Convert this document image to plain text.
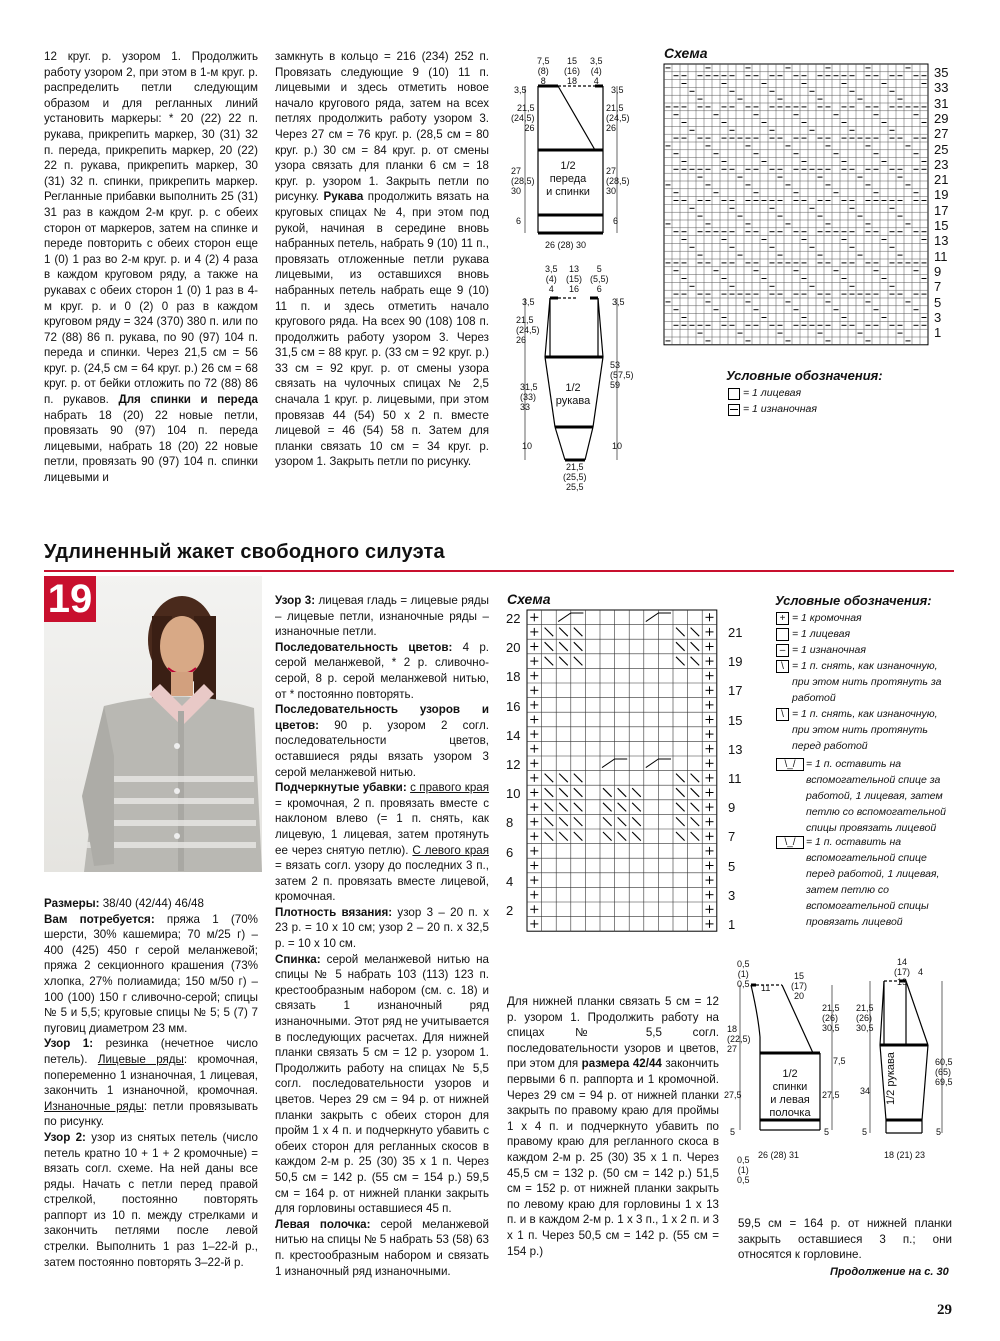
12 круг. р. узором 1. Продолжить работу узором 2, при этом в 1-м круг. р. распределить петли следующим образом и для регланных линий установить маркеры: * 20 (22) 22 п. рукава, прикрепить маркер, 30 (31) 32 п. переда, прикрепить маркер, 20 (22) 22 п. рукава, прикрепить маркер, 30 (31) 32 п. спинки, прикрепить маркер. Регланные прибавки выполнить 25 (31) 31 раз в каждом 2-м круг. р. с обеих сторон от маркеров, затем на спинке и переде повторить с обеих сторон еще 1 (0) 1 раз во 2-м круг. р. и 4 (2) 4 раза в каждом круговом ряду, а также на рукавах с обеих сторон 1 (0) 1 раз в 4-м круг. р. и 0 (2) 0 раз в каждом круговом ряду = 324 (370) 380 п. или по 72 (88) 86 п. рукава, по 90 (97) 104 п. переда и спинки. Через 21,5 см = 56 круг. р. (24,5 см = 64 круг. р.) 26 см = 68 круг. р. от бейки отложить по 72 (88) 86 п. рукавов. Для спинки и переда набрать 18 (20) 22 новые петли, провязать 90 (97) 104 п. переда лицевыми, набрать 18 (20) 22 новые петли, провязать 90 (97) 104 п. спинки лицевыми и
замкнуть в кольцо = 216 (234) 252 п. Провязать следующие 9 (10) 11 п. лицевыми и здесь отметить новое начало кругового ряда, затем на всех петлях продолжить работу узором 3. Через 27 см = 76 круг. р. (28,5 см = 80 круг. р.) 30 см = 84 круг. р. от смены узора связать для планки 6 см = 18 круг. р. узором 1. Закрыть петли по рисунку. Рукава продолжить вязать на круговых спицах № 4, при этом под рукой, начиная в середине вновь набранных петель, набрать 9 (10) 11 п., провязать отложенные петли рукава лицевыми, из оставшихся вновь набранных петель набрать еще 9 (10) 11 п. и здесь отметить начало кругового ряда. На всех 90 (108) 108 п. продолжить работу узором 3. Через 31,5 см = 88 круг. р. (33 см = 92 круг. р.) 33 см = 92 круг. р. от смены узора связать на чулочных спицах № 2,5 сначала 1 круг. р. лицевыми, при этом провязав 44 (54) 50 х 2 п. вместе лицевой = 46 (54) 58 п. Затем для планки связать 10 см = 34 круг. р. узором 1. Закрыть петли по рисунку.
7,5
(8)
8
15
(16)
18
3,5
(4)
4
3,5	3,5
21,5
(24,5)
26
27
(28,5)
30
6
21,5
(24,5)
26
27
(28,5)
30
6
1/2
переда
и спинки
26 (28) 30
3,5
(4)
4
13
(15)
16
5
(5,5)
6
3,5	3,5
21,5
(24,5)
26
31,5
(33)
33
10
53
(57,5)
59
10
1/2
рукава
21,5
(25,5)
25,5
Схема
35
33
31
29
27
25
23
21
19
17
15
13
11
9
7
5
3
1
Условные обозначения:
= 1 лицевая
= 1 изнаночная
Удлиненный жакет свободного силуэта
19
Размеры: 38/40 (42/44) 46/48
Вам потребуется: пряжа 1 (70% шерсти, 30% кашемира; 70 м/25 г) – 400 (425) 450 г серой меланжевой; пряжа 2 секционного крашения (73% хлопка, 27% полиамида; 150 м/50 г) – 100 (100) 150 г сливочно-серой; спицы № 5 и 5,5; круговые спицы № 5; 5 (7) 7 пуговиц диаметром 23 мм.
Узор 1: резинка (нечетное число петель). Лицевые ряды: кромочная, попеременно 1 изнаночная, 1 лицевая, закончить 1 изнаночной, кромочная. Изнаночные ряды: петли провязывать по рисунку.
Узор 2: узор из снятых петель (число петель кратно 10 + 1 + 2 кромочные) = вязать согл. схеме. На ней даны все ряды. Начать с петли перед правой стрелкой, постоянно повторять раппорт из 10 п. между стрелками и закончить петлями после левой стрелки. Выполнить 1 раз 1–22-й р., затем постоянно повторять 3–22-й р.
Узор 3: лицевая гладь = лицевые ряды – лицевые петли, изнаночные ряды – изнаночные петли.
Последовательность цветов: 4 р. серой меланжевой, * 2 р. сливочно-серой, 8 р. серой меланжевой нитью, от * постоянно повторять.
Последовательность узоров и цветов: 90 р. узором 2 согл. последовательности цветов, оставшиеся ряды вязать узором 3 серой меланжевой нитью.
Подчеркнутые убавки: с правого края = кромочная, 2 п. провязать вместе с наклоном влево (= 1 п. снять, как лицевую, 1 лицевая, затем протянуть ее через снятую петлю). С левого края = вязать согл. узору до последних 3 п., затем 2 п. провязать вместе лицевой, кромочная.
Плотность вязания: узор 3 – 20 п. х 23 р. = 10 х 10 см; узор 2 – 20 п. х 32,5 р. = 10 х 10 см.
Спинка: серой меланжевой нитью на спицы № 5 набрать 103 (113) 123 п. крестообразным набором (см. с. 18) и связать 1 изнаночный ряд изнаночными. Этот ряд не учитывается в последующих расчетах. Для нижней планки связать 5 см = 12 р. узором 1. Продолжить работу на спицах № 5,5 согл. последовательности узоров и цветов. Через 29 см = 94 р. от нижней планки закрыть с обеих сторон для пройм 1 х 4 п. и подчеркнуто убавить с обеих сторон для регланных скосов в каждом 2-м р. 25 (30) 35 х 1 п. Через 50,5 см = 142 р. (55 см = 154 р.) 59,5 см = 164 р. от нижней планки закрыть для горловины оставшиеся 45 п.
Левая полочка: серой меланжевой нитью на спицы № 5 набрать 53 (58) 63 п. крестообразным набором и связать 1 изнаночный ряд изнаночными.
Схема
22
20
18
16
14
12
10
8
6
4
2
21
19
17
15
13
11
9
7
5
3
1
Условные обозначения:
+ = 1 кромочная
= 1 лицевая
– = 1 изнаночная
\ = 1 п. снять, как изнаночную, при этом нить протянуть за работой
\ = 1 п. снять, как изнаночную, при этом нить протянуть перед работой
\_/ = 1 п. оставить на вспомогательной спице за работой, 1 лицевая, затем петлю со вспомогательной спицы провязать лицевой
\_/ = 1 п. оставить на вспомогательной спице перед работой, 1 лицевая, затем петлю со вспомогательной спицы провязать лицевой
Для нижней планки связать 5 см = 12 р. узором 1. Продолжить работу на спицах № 5,5 согл. последовательности узоров и цветов, при этом для размера 42/44 закончить первыми 6 п. раппорта и 1 кромочной. Через 29 см = 94 р. от нижней планки закрыть по правому краю для проймы 1 х 4 п. и подчеркнуто убавить по правому краю для регланного скоса в каждом 2-м р. 25 (30) 35 х 1 п. Через 45,5 см = 132 р. (50 см = 142 р.) 51,5 см = 152 р. от нижней планки закрыть по левому краю для горловины 1 х 13 п. и в каждом 2-м р. 1 х 3 п., 1 х 2 п. и 3 х 1 п. Через 50,5 см = 142 р. (55 см = 154 р.)
59,5 см = 164 р. от нижней планки закрыть оставшиеся 3 п.; они относятся к горловине.
Продолжение на с. 30
0,5
(1)
0,5 11
15
(17)
20
18
(22,5)
27
27,5
5
21,5
(26)
30,5
7,5
27,5
5
1/2
спинки
и левая
полочка
26 (28) 31
0,5
(1)
0,5
14
(17)
19
4
21,5
(26)
30,5
34
5
60,5
(65)
69,5
5
1/2 рукава
18 (21) 23
29
